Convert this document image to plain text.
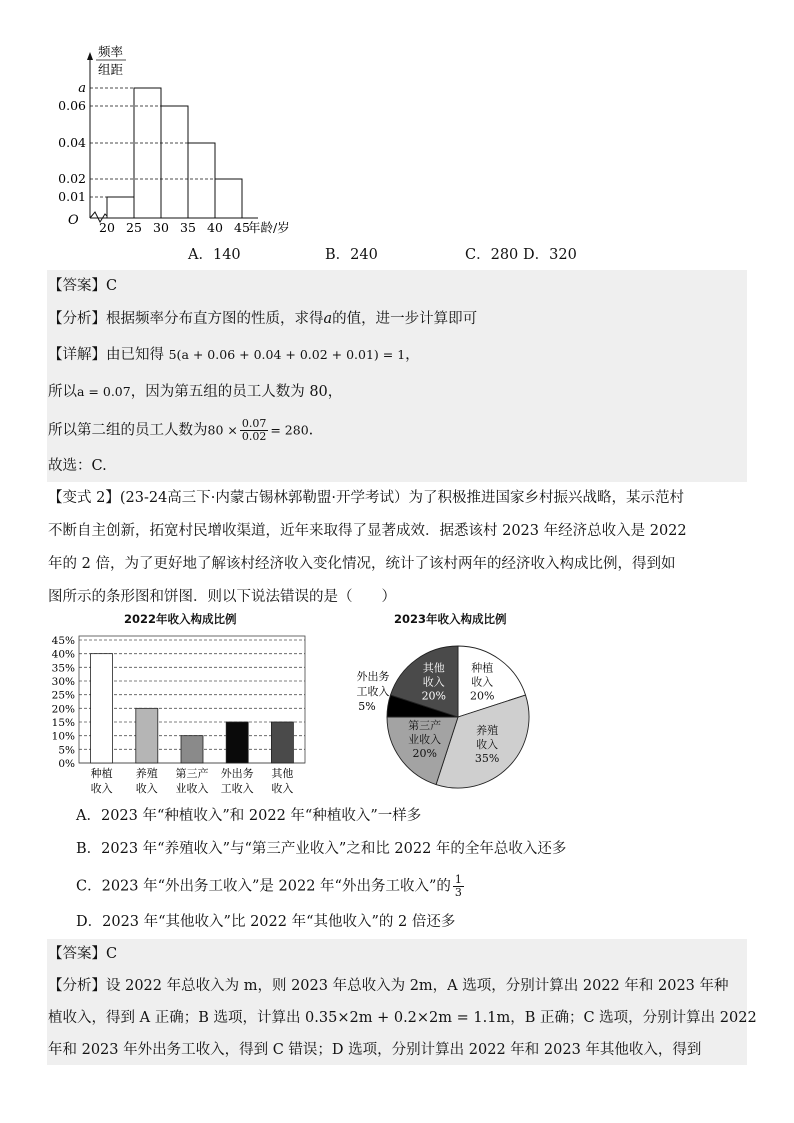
频率
组距
a
0.06
0.04
0.02
0.01
O 20 25 30 35 40 45
年龄/岁
A．140	B．240	C．280 D．320
【答案】C
【分析】根据频率分布直方图的性质，求得a的值，进一步计算即可
【详解】由已知得 5(a + 0.06 + 0.04 + 0.02 + 0.01) = 1，
所以a = 0.07，因为第五组的员工人数为 80，
所以第二组的员工人数为$80 \times \frac{0.07}{0.02} = 280$.
故选：C.
【变式 2】(23-24高三下·内蒙古锡林郭勒盟·开学考试）为了积极推进国家乡村振兴战略，某示范村
不断自主创新，拓宽村民增收渠道，近年来取得了显著成效．据悉该村 2023 年经济总收入是 2022
年的 2 倍，为了更好地了解该村经济收入变化情况，统计了该村两年的经济收入构成比例，得到如
图所示的条形图和饼图．则以下说法错误的是（　　）
2022年收入构成比例	2023年收入构成比例
0%
5%
10%
15%
20%
25%
30%
35%
40%
45%
种植
收入
养殖
收入
第三产
业收入
外出务
工收入
其他
收入
种植
收入
20%
养殖
收入
35%
第三产
业收入
20%
外出务
工收入
5%
其他
收入
20%
A．2023 年“种植收入”和 2022 年“种植收入”一样多
B．2023 年“养殖收入”与“第三产业收入”之和比 2022 年的全年总收入还多
C．2023 年“外出务工收入”是 2022 年“外出务工收入”的 $\frac{1}{3}$
D．2023 年“其他收入”比 2022 年“其他收入”的 2 倍还多
【答案】C
【分析】设 2022 年总收入为 m，则 2023 年总收入为 2m，A 选项，分别计算出 2022 年和 2023 年种
植收入，得到 A 正确；B 选项，计算出 0.35×2m + 0.2×2m = 1.1m，B 正确；C 选项，分别计算出 2022
年和 2023 年外出务工收入，得到 C 错误；D 选项，分别计算出 2022 年和 2023 年其他收入，得到
